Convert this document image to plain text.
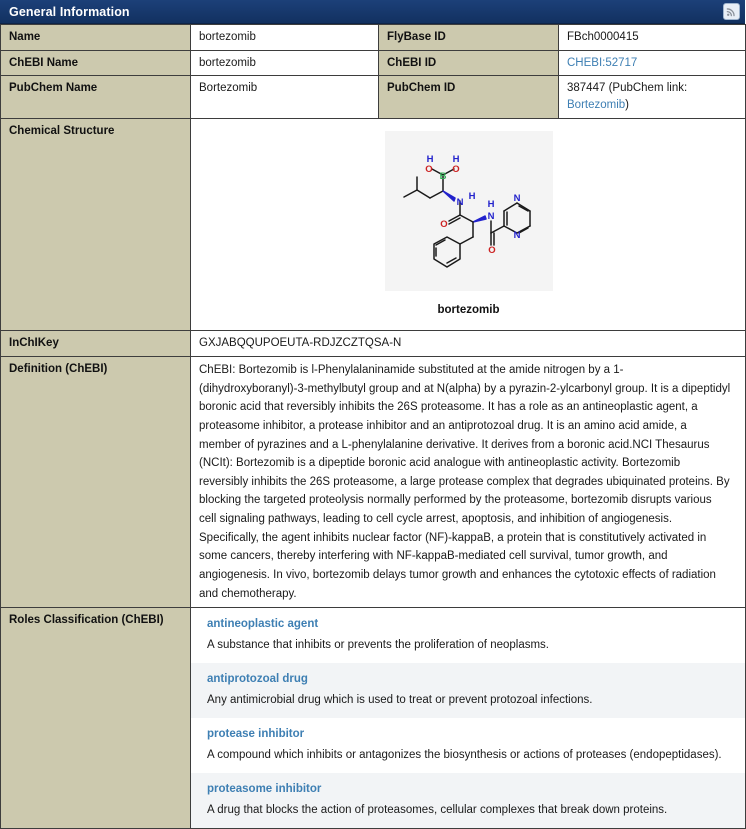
General Information
Name	bortezomib	FlyBase ID	FBch0000415
ChEBI Name	bortezomib	ChEBI ID	CHEBI:52717
PubChem Name	Bortezomib	PubChem ID	387447 (PubChem link: Bortezomib)
Chemical Structure	
H
O
B
O
H
N
H
O
N
H
O
N
N
bortezomib

InChIKey	GXJABQQUPOEUTA-RDJZCZTQSA-N		
Definition (ChEBI)	ChEBI: Bortezomib is l-Phenylalaninamide substituted at the amide nitrogen by a 1-(dihydroxyboranyl)-3-methylbutyl group and at N(alpha) by a pyrazin-2-ylcarbonyl group. It is a dipeptidyl boronic acid that reversibly inhibits the 26S proteasome. It has a role as an antineoplastic agent, a proteasome inhibitor, a protease inhibitor and an antiprotozoal drug. It is an amino acid amide, a member of pyrazines and a L-phenylalanine derivative. It derives from a boronic acid.NCI Thesaurus (NCIt): Bortezomib is a dipeptide boronic acid analogue with antineoplastic activity. Bortezomib reversibly inhibits the 26S proteasome, a large protease complex that degrades ubiquinated proteins. By blocking the targeted proteolysis normally performed by the proteasome, bortezomib disrupts various cell signaling pathways, leading to cell cycle arrest, apoptosis, and inhibition of angiogenesis. Specifically, the agent inhibits nuclear factor (NF)-kappaB, a protein that is constitutively activated in some cancers, thereby interfering with NF-kappaB-mediated cell survival, tumor growth, and angiogenesis. In vivo, bortezomib delays tumor growth and enhances the cytotoxic effects of radiation and chemotherapy.		

Roles Classification (ChEBI)	antineoplastic agent
A substance that inhibits or prevents the proliferation of neoplasms.
antiprotozoal drug
Any antimicrobial drug which is used to treat or prevent protozoal infections.
protease inhibitor
A compound which inhibits or antagonizes the biosynthesis or actions of proteases (endopeptidases).
proteasome inhibitor
A drug that blocks the action of proteasomes, cellular complexes that break down proteins.
